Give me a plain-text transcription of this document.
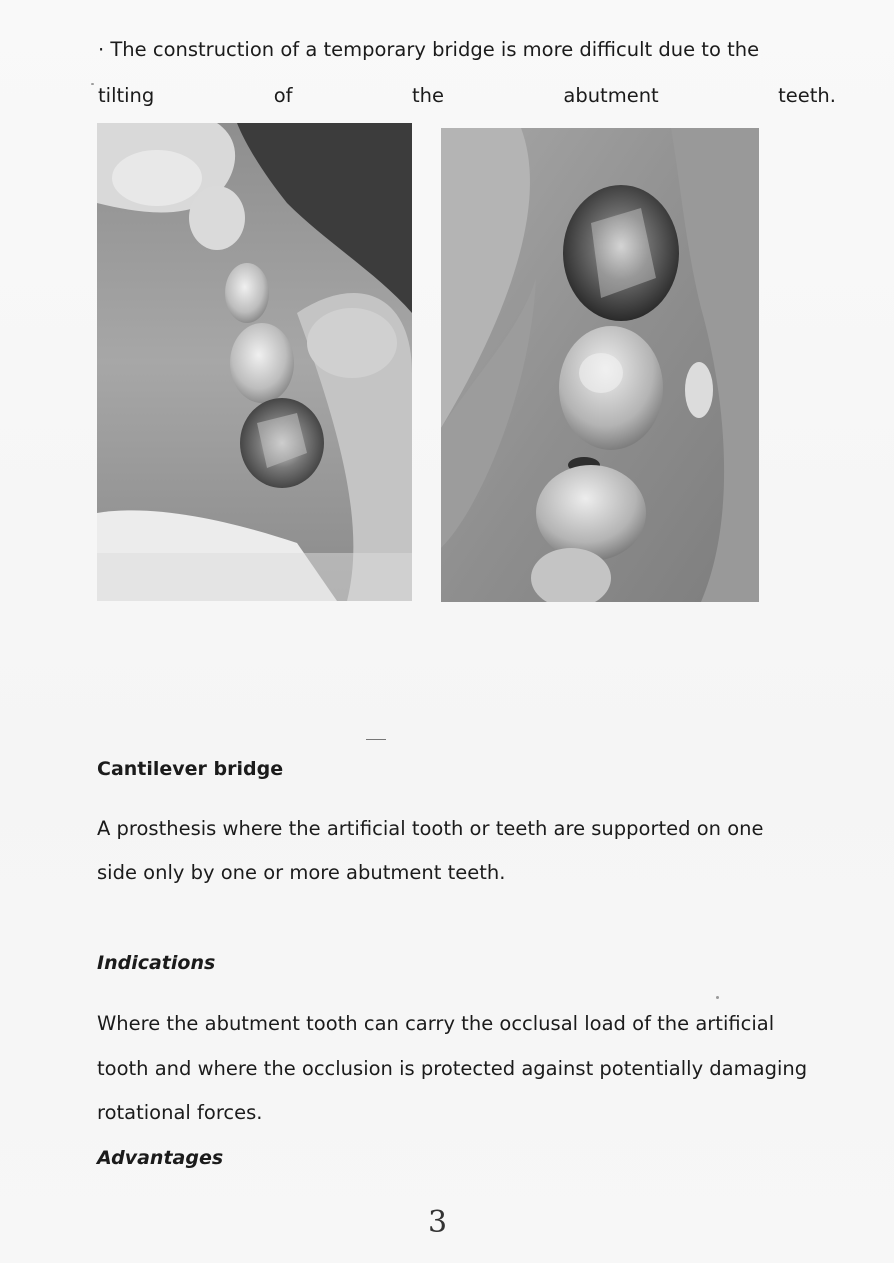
· The construction of a temporary bridge is more difficult due to the
tilting	of	the	abutment	teeth.
Cantilever bridge
A prosthesis where the artificial tooth or teeth are supported on one
side only by one or more abutment teeth.
Indications
Where the abutment tooth can carry the occlusal load of the artificial
tooth and where the occlusion is protected against potentially damaging
rotational forces.
Advantages
3
